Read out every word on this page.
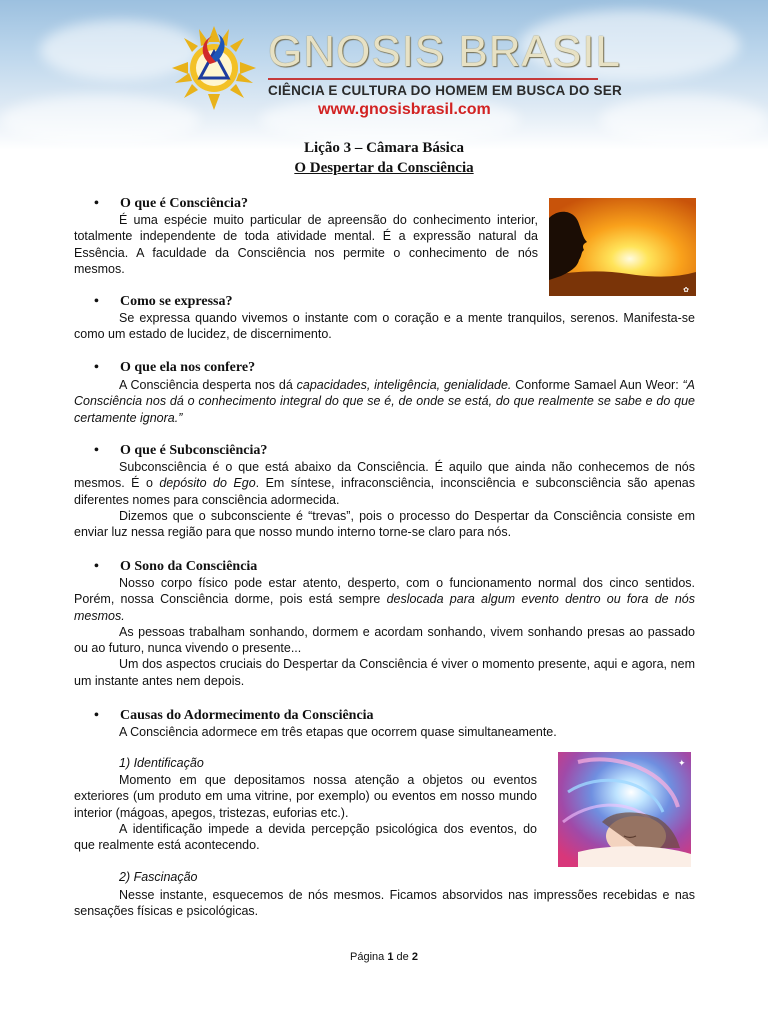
GNOSIS BRASIL
CIÊNCIA E CULTURA DO HOMEM EM BUSCA DO SER
www.gnosisbrasil.com
Lição 3 – Câmara Básica
O Despertar da Consciência
• O que é Consciência?

É uma espécie muito particular de apreensão do conhecimento interior, totalmente independente de toda atividade mental. É a expressão natural da Essência. A faculdade da Consciência nos permite o conhecimento de nós mesmos.

✿
• Como se expressa?

Se expressa quando vivemos o instante com o coração e a mente tranquilos, serenos. Manifesta-se como um estado de lucidez, de discernimento.

• O que ela nos confere?

A Consciência desperta nos dá capacidades, inteligência, genialidade. Conforme Samael Aun Weor: “A Consciência nos dá o conhecimento integral do que se é, de onde se está, do que realmente se sabe e do que certamente ignora.”

• O que é Subconsciência?

Subconsciência é o que está abaixo da Consciência. É aquilo que ainda não conhecemos de nós mesmos. É o depósito do Ego. Em síntese, infraconsciência, inconsciência e subconsciência são apenas diferentes nomes para consciência adormecida.

Dizemos que o subconsciente é “trevas”, pois o processo do Despertar da Consciência consiste em enviar luz nessa região para que nosso mundo interno torne-se claro para nós.

• O Sono da Consciência

Nosso corpo físico pode estar atento, desperto, com o funcionamento normal dos cinco sentidos. Porém, nossa Consciência dorme, pois está sempre deslocada para algum evento dentro ou fora de nós mesmos.

As pessoas trabalham sonhando, dormem e acordam sonhando, vivem sonhando presas ao passado ou ao futuro, nunca vivendo o presente...

Um dos aspectos cruciais do Despertar da Consciência é viver o momento presente, aqui e agora, nem um instante antes nem depois.

• Causas do Adormecimento da Consciência

A Consciência adormece em três etapas que ocorrem quase simultaneamente.

1) Identificação

Momento em que depositamos nossa atenção a objetos ou eventos exteriores (um produto em uma vitrine, por exemplo) ou eventos em nosso mundo interior (mágoas, apegos, tristezas, euforias etc.).

A identificação impede a devida percepção psicológica dos eventos, do que realmente está acontecendo.

✦
2) Fascinação

Nesse instante, esquecemos de nós mesmos. Ficamos absorvidos nas impressões recebidas e nas sensações físicas e psicológicas.

Página 1 de 2
